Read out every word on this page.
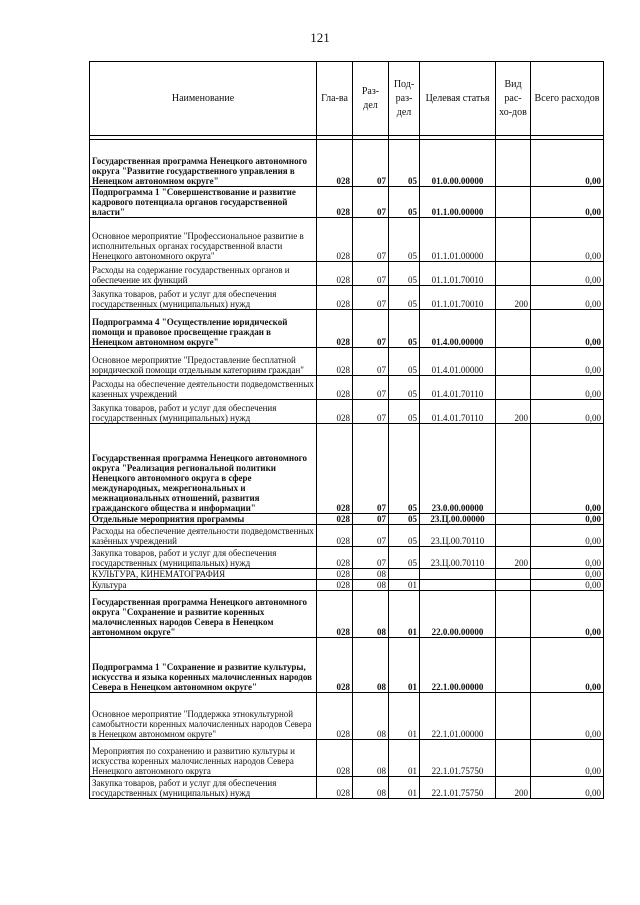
121
Наименование	Гла-ва	Раз-дел	Под-раз-дел	Целевая статья	Вид рас-хо-дов	Всего расходов

Государственная программа Ненецкого автономного округа "Развитие государственного управления в Ненецком автономном округе"	028	07	05	01.0.00.00000		0,00
Подпрограмма 1 "Совершенствование и развитие кадрового потенциала органов государственной власти"	028	07	05	01.1.00.00000		0,00
Основное мероприятие "Профессиональное развитие в исполнительных органах государственной власти Ненецкого автономного округа"	028	07	05	01.1.01.00000		0,00
Расходы на содержание государственных органов и обеспечение их функций	028	07	05	01.1.01.70010		0,00
Закупка товаров, работ и услуг для обеспечения государственных (муниципальных) нужд	028	07	05	01.1.01.70010	200	0,00
Подпрограмма 4 "Осуществление юридической помощи и правовое просвещение граждан в Ненецком автономном округе"	028	07	05	01.4.00.00000		0,00
Основное мероприятие "Предоставление бесплатной юридической помощи отдельным категориям граждан"	028	07	05	01.4.01.00000		0,00
Расходы на обеспечение деятельности подведомственных казенных учреждений	028	07	05	01.4.01.70110		0,00
Закупка товаров, работ и услуг для обеспечения государственных (муниципальных) нужд	028	07	05	01.4.01.70110	200	0,00
Государственная программа Ненецкого автономного округа "Реализация региональной политики Ненецкого автономного округа в сфере международных, межрегиональных и межнациональных отношений, развития гражданского общества и информации"	028	07	05	23.0.00.00000		0,00
Отдельные мероприятия программы	028	07	05	23.Ц.00.00000		0,00
Расходы на обеспечение деятельности подведомственных казённых учреждений	028	07	05	23.Ц.00.70110		0,00
Закупка товаров, работ и услуг для обеспечения государственных (муниципальных) нужд	028	07	05	23.Ц.00.70110	200	0,00
КУЛЬТУРА, КИНЕМАТОГРАФИЯ	028	08				0,00
Культура	028	08	01			0,00
Государственная программа Ненецкого автономного округа "Сохранение и развитие коренных малочисленных народов Севера в Ненецком автономном округе"	028	08	01	22.0.00.00000		0,00
Подпрограмма 1 "Сохранение и развитие культуры, искусства и языка коренных малочисленных народов Севера в Ненецком автономном округе"	028	08	01	22.1.00.00000		0,00
Основное мероприятие "Поддержка этнокультурной самобытности коренных малочисленных народов Севера в Ненецком автономном округе"	028	08	01	22.1.01.00000		0,00
Мероприятия по сохранению и развитию культуры и искусства коренных малочисленных народов Севера Ненецкого автономного округа	028	08	01	22.1.01.75750		0,00
Закупка товаров, работ и услуг для обеспечения государственных (муниципальных) нужд	028	08	01	22.1.01.75750	200	0,00
